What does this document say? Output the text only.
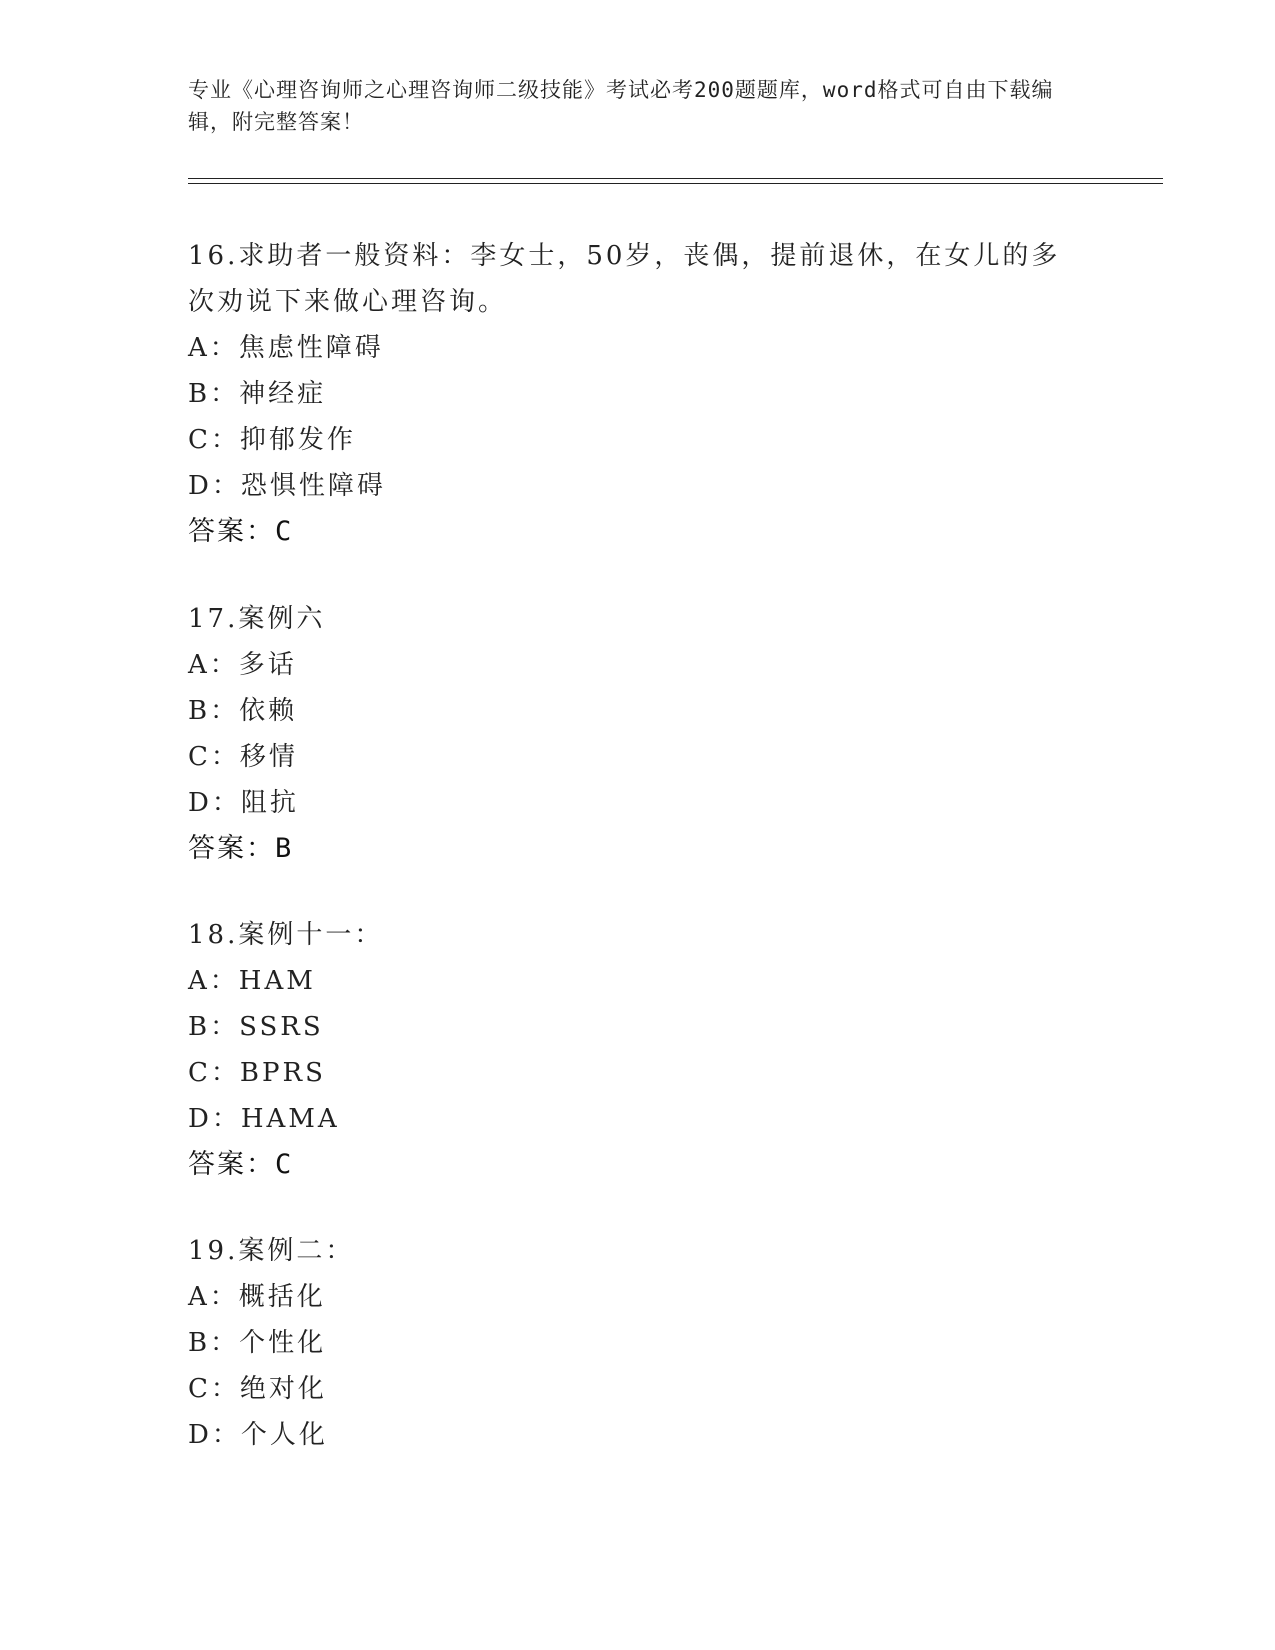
专业《心理咨询师之心理咨询师二级技能》考试必考200题题库，word格式可自由下载编辑，附完整答案！
16.求助者一般资料：李女士，50岁，丧偶，提前退休，在女儿的多次劝说下来做心理咨询。
A：焦虑性障碍
B：神经症
C：抑郁发作
D：恐惧性障碍
答案：C
17.案例六
A：多话
B：依赖
C：移情
D：阻抗
答案：B
18.案例十一：
A：HAM
B：SSRS
C：BPRS
D：HAMA
答案：C
19.案例二：
A：概括化
B：个性化
C：绝对化
D：个人化
